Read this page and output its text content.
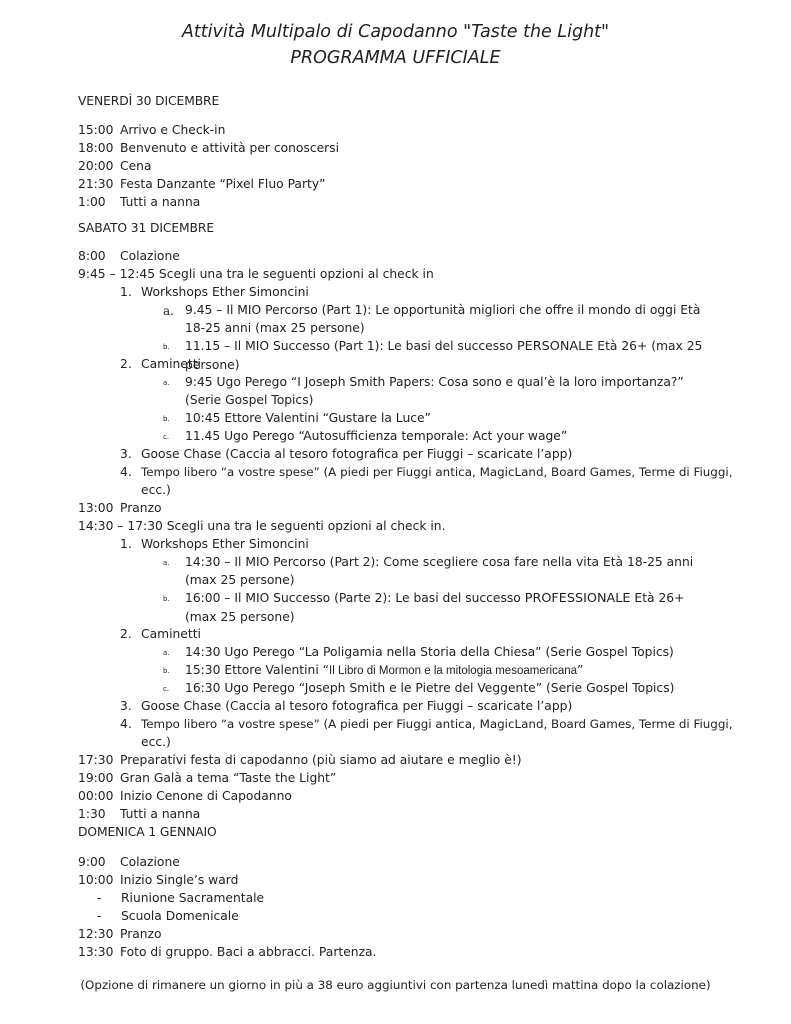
Attività Multipalo di Capodanno "Taste the Light"
PROGRAMMA UFFICIALE
VENERDÌ 30 DICEMBRE
15:00 Arrivo e Check-in
18:00 Benvenuto e attività per conoscersi
20:00 Cena
21:30 Festa Danzante “Pixel Fluo Party”
1:00 Tutti a nanna
SABATO 31 DICEMBRE
8:00 Colazione
9:45 – 12:45 Scegli una tra le seguenti opzioni al check in
1. Workshops Ether Simoncini
a. 9.45 – Il MIO Percorso (Part 1): Le opportunità migliori che offre il mondo di oggi Età 18-25 anni (max 25 persone)
b. 11.15 – Il MIO Successo (Part 1): Le basi del successo PERSONALE Età 26+ (max 25 persone)
2. Caminetti
a. 9:45 Ugo Perego “I Joseph Smith Papers: Cosa sono e qual’è la loro importanza?” (Serie Gospel Topics)
b. 10:45 Ettore Valentini “Gustare la Luce”
c. 11.45 Ugo Perego “Autosufficienza temporale: Act your wage”
3. Goose Chase (Caccia al tesoro fotografica per Fiuggi – scaricate l’app)
4. Tempo libero “a vostre spese” (A piedi per Fiuggi antica, MagicLand, Board Games, Terme di Fiuggi,
ecc.)
13:00 Pranzo
14:30 – 17:30 Scegli una tra le seguenti opzioni al check in.
1. Workshops Ether Simoncini
a. 14:30 – Il MIO Percorso (Part 2): Come scegliere cosa fare nella vita Età 18-25 anni (max 25 persone)
b. 16:00 – Il MIO Successo (Parte 2): Le basi del successo PROFESSIONALE Età 26+ (max 25 persone)
2. Caminetti
a. 14:30 Ugo Perego “La Poligamia nella Storia della Chiesa” (Serie Gospel Topics)
b. 15:30 Ettore Valentini “Il Libro di Mormon e la mitologia mesoamericana”
c. 16:30 Ugo Perego “Joseph Smith e le Pietre del Veggente” (Serie Gospel Topics)
3. Goose Chase (Caccia al tesoro fotografica per Fiuggi – scaricate l’app)
4. Tempo libero “a vostre spese” (A piedi per Fiuggi antica, MagicLand, Board Games, Terme di Fiuggi,
ecc.)
17:30 Preparativi festa di capodanno (più siamo ad aiutare e meglio è!)
19:00 Gran Galà a tema “Taste the Light”
00:00 Inizio Cenone di Capodanno
1:30 Tutti a nanna
DOMENICA 1 GENNAIO
9:00 Colazione
10:00 Inizio Single’s ward
- Riunione Sacramentale
- Scuola Domenicale
12:30 Pranzo
13:30 Foto di gruppo. Baci a abbracci. Partenza.
(Opzione di rimanere un giorno in più a 38 euro aggiuntivi con partenza lunedì mattina dopo la colazione)
